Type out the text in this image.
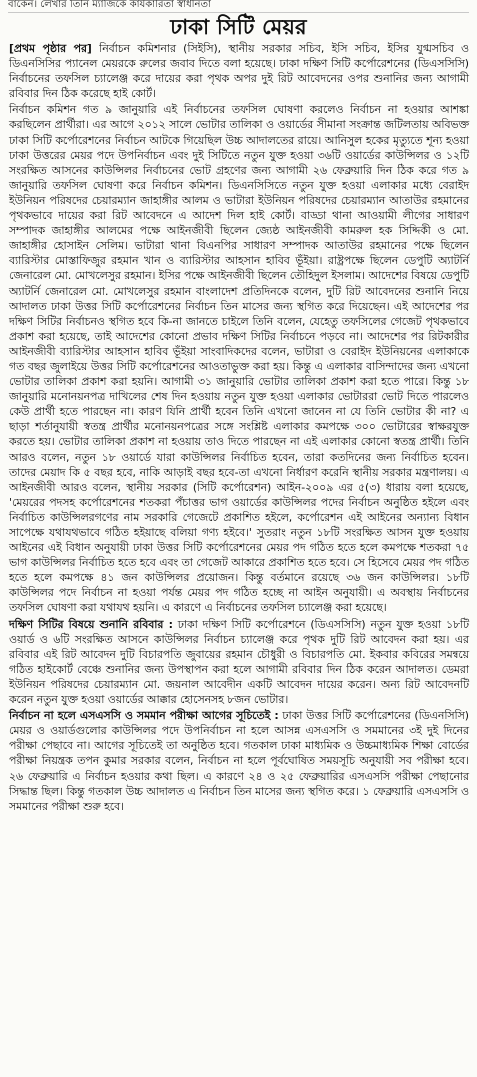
বাকেন। লেখার তিনি ম্যাজিকে কার্যকারিতা স্বাধীনতা
ঢাকা সিটি মেয়র

[প্রথম পৃষ্ঠার পর] নির্বাচন কমিশনার (সিইসি), স্থানীয় সরকার সচিব, ইসি সচিব, ইসির যুগ্মসচিব ও ডিএনসিসির প্যানেল মেয়রকে রুলের জবাব দিতে বলা হয়েছে। ঢাকা দক্ষিণ সিটি কর্পোরেশনের (ডিএসসিসি) নির্বাচনের তফসিল চ্যালেঞ্জ করে দায়ের করা পৃথক অপর দুই রিট আবেদনের ওপর শুনানির জন্য আগামী রবিবার দিন ঠিক করেছে হাই কোর্ট।

নির্বাচন কমিশন গত ৯ জানুয়ারি এই নির্বাচনের তফসিল ঘোষণা করলেও নির্বাচন না হওয়ার আশঙ্কা করছিলেন প্রার্থীরা। এর আগে ২০১২ সালে ভোটার তালিকা ও ওয়ার্ডের সীমানা সংক্রান্ত জটিলতায় অবিভক্ত ঢাকা সিটি কর্পোরেশনের নির্বাচন আটকে গিয়েছিল উচ্চ আদালতের রায়ে। আনিসুল হকের মৃত্যুতে শূন্য হওয়া ঢাকা উত্তরের মেয়র পদে উপনির্বাচন এবং দুই সিটিতে নতুন যুক্ত হওয়া ৩৬টি ওয়ার্ডের কাউন্সিলর ও ১২টি সংরক্ষিত আসনের কাউন্সিলর নির্বাচনের ভোট গ্রহণের জন্য আগামী ২৬ ফেব্রুয়ারি দিন ঠিক করে গত ৯ জানুয়ারি তফসিল ঘোষণা করে নির্বাচন কমিশন। ডিএনসিসিতে নতুন যুক্ত হওয়া এলাকার মধ্যে বেরাইদ ইউনিয়ন পরিষদের চেয়ারম্যান জাহাঙ্গীর আলম ও ভাটারা ইউনিয়ন পরিষদের চেয়ারম্যান আতাউর রহমানের পৃথকভাবে দায়ের করা রিট আবেদনে এ আদেশ দিল হাই কোর্ট। বাড্ডা থানা আওয়ামী লীগের সাধারণ সম্পাদক জাহাঙ্গীর আলমের পক্ষে আইনজীবী ছিলেন জ্যেষ্ঠ আইনজীবী কামরুল হক সিদ্দিকী ও মো. জাহাঙ্গীর হোসাইন সেলিম। ভাটারা থানা বিএনপির সাধারণ সম্পাদক আতাউর রহমানের পক্ষে ছিলেন ব্যারিস্টার মোস্তাফিজুর রহমান খান ও ব্যারিস্টার আহসান হাবিব ভূঁইয়া। রাষ্ট্রপক্ষে ছিলেন ডেপুটি অ্যাটর্নি জেনারেল মো. মোখলেসুর রহমান। ইসির পক্ষে আইনজীবী ছিলেন তৌহিদুল ইসলাম। আদেশের বিষয়ে ডেপুটি অ্যাটর্নি জেনারেল মো. মোখলেসুর রহমান বাংলাদেশ প্রতিদিনকে বলেন, দুটি রিট আবেদনের শুনানি নিয়ে আদালত ঢাকা উত্তর সিটি কর্পোরেশনের নির্বাচন তিন মাসের জন্য স্থগিত করে দিয়েছেন। এই আদেশের পর দক্ষিণ সিটির নির্বাচনও স্থগিত হবে কি-না জানতে চাইলে তিনি বলেন, যেহেতু তফসিলের গেজেট পৃথকভাবে প্রকাশ করা হয়েছে, তাই আদেশের কোনো প্রভাব দক্ষিণ সিটির নির্বাচনে পড়বে না। আদেশের পর রিটকারীর আইনজীবী ব্যারিস্টার আহসান হাবিব ভূঁইয়া সাংবাদিকদের বলেন, ভাটারা ও বেরাইদ ইউনিয়নের এলাকাকে গত বছর জুলাইয়ে উত্তর সিটি কর্পোরেশনের আওতাভুক্ত করা হয়। কিন্তু এ এলাকার বাসিন্দাদের জন্য এখনো ভোটার তালিকা প্রকাশ করা হয়নি। আগামী ৩১ জানুয়ারি ভোটার তালিকা প্রকাশ করা হতে পারে। কিন্তু ১৮ জানুয়ারি মনোনয়নপত্র দাখিলের শেষ দিন হওয়ায় নতুন যুক্ত হওয়া এলাকার ভোটাররা ভোট দিতে পারলেও কেউ প্রার্থী হতে পারছেন না। কারণ যিনি প্রার্থী হবেন তিনি এখনো জানেন না যে তিনি ভোটার কী না? এ ছাড়া শর্তানুযায়ী স্বতন্ত্র প্রার্থীর মনোনয়নপত্রের সঙ্গে সংশ্লিষ্ট এলাকার কমপক্ষে ৩০০ ভোটারের স্বাক্ষরযুক্ত করতে হয়। ভোটার তালিকা প্রকাশ না হওয়ায় তাও দিতে পারছেন না এই এলাকার কোনো স্বতন্ত্র প্রার্থী। তিনি আরও বলেন, নতুন ১৮ ওয়ার্ডে যারা কাউন্সিলর নির্বাচিত হবেন, তারা কতদিনের জন্য নির্বাচিত হবেন। তাদের মেয়াদ কি ৫ বছর হবে, নাকি আড়াই বছর হবে-তা এখনো নির্ধারণ করেনি স্থানীয় সরকার মন্ত্রণালয়। এ আইনজীবী আরও বলেন, স্থানীয় সরকার (সিটি কর্পোরেশন) আইন-২০০৯ এর ৫(৩) ধারায় বলা হয়েছে, 'মেয়রের পদসহ কর্পোরেশনের শতকরা পঁচাত্তর ভাগ ওয়ার্ডের কাউন্সিলর পদের নির্বাচন অনুষ্ঠিত হইলে এবং নির্বাচিত কাউন্সিলরগণের নাম সরকারি গেজেটে প্রকাশিত হইলে, কর্পোরেশন এই আইনের অন্যান্য বিধান সাপেক্ষে যথাযথভাবে গঠিত হইয়াছে বলিয়া গণ্য হইবে।' সুতরাং নতুন ১৮টি সংরক্ষিত আসন যুক্ত হওয়ায় আইনের এই বিধান অনুযায়ী ঢাকা উত্তর সিটি কর্পোরেশনের মেয়র পদ গঠিত হতে হলে কমপক্ষে শতকরা ৭৫ ভাগ কাউন্সিলর নির্বাচিত হতে হবে এবং তা গেজেট আকারে প্রকাশিত হতে হবে। সে হিসেবে মেয়র পদ গঠিত হতে হলে কমপক্ষে ৪১ জন কাউন্সিলর প্রয়োজন। কিন্তু বর্তমানে রয়েছে ৩৬ জন কাউন্সিলর। ১৮টি কাউন্সিলর পদে নির্বাচন না হওয়া পর্যন্ত মেয়র পদ গঠিত হচ্ছে না আইন অনুযায়ী। এ অবস্থায় নির্বাচনের তফসিল ঘোষণা করা যথাযথ হয়নি। এ কারণে এ নির্বাচনের তফসিল চ্যালেঞ্জ করা হয়েছে।

দক্ষিণ সিটির বিষয়ে শুনানি রবিবার : ঢাকা দক্ষিণ সিটি কর্পোরেশনে (ডিএসসিসি) নতুন যুক্ত হওয়া ১৮টি ওয়ার্ড ও ৬টি সংরক্ষিত আসনে কাউন্সিলর নির্বাচন চ্যালেঞ্জ করে পৃথক দুটি রিট আবেদন করা হয়। এর রবিবার এই রিট আবেদন দুটি বিচারপতি জুবায়ের রহমান চৌধুরী ও বিচারপতি মো. ইকবার কবিরের সমন্বয়ে গঠিত হাইকোর্ট বেঞ্চে শুনানির জন্য উপস্থাপন করা হলে আগামী রবিবার দিন ঠিক করেন আদালত। ডেমরা ইউনিয়ন পরিষদের চেয়ারম্যান মো. জয়নাল আবেদীন একটি আবেদন দায়ের করেন। অন্য রিট আবেদনটি করেন নতুন যুক্ত হওয়া ওয়ার্ডের আক্কার হোসেনসহ ৮জন ভোটার।

নির্বাচন না হলে এসএসসি ও সমমান পরীক্ষা আগের সূচিতেই : ঢাকা উত্তর সিটি কর্পোরেশনের (ডিএনসিসি) মেয়র ও ওয়ার্ডগুলোর কাউন্সিলর পদে উপনির্বাচন না হলে আসন্ন এসএসসি ও সমমানের ৩ই দুই দিনের পরীক্ষা পেছাবে না। আগের সূচিতেই তা অনুষ্ঠিত হবে। গতকাল ঢাকা মাধ্যমিক ও উচ্চমাধ্যমিক শিক্ষা বোর্ডের পরীক্ষা নিয়ন্ত্রক তপন কুমার সরকার বলেন, নির্বাচন না হলে পূর্বঘোষিত সময়সূচি অনুযায়ী সব পরীক্ষা হবে। ২৬ ফেব্রুয়ারি এ নির্বাচন হওয়ার কথা ছিল। এ কারণে ২৪ ও ২৫ ফেব্রুয়ারির এসএসসি পরীক্ষা পেছানোর সিদ্ধান্ত ছিল। কিন্তু গতকাল উচ্চ আদালত এ নির্বাচন তিন মাসের জন্য স্থগিত করে। ১ ফেব্রুয়ারি এসএসসি ও সমমানের পরীক্ষা শুরু হবে।
